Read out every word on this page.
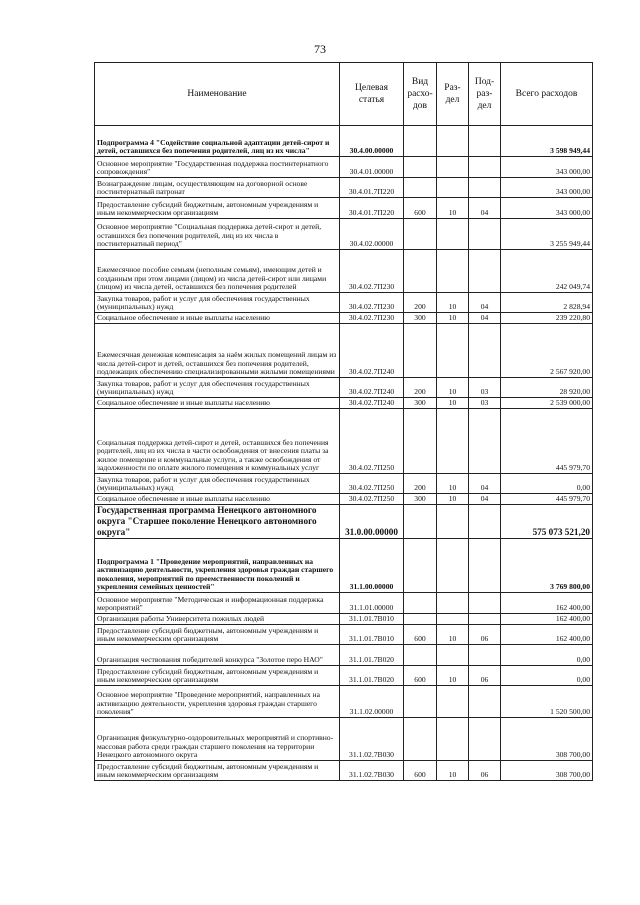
73
Наименование	Целевая статья	Вид расхо-дов	Раз-дел	Под-раз-дел	Всего расходов
Подпрограмма 4 "Содействие социальной адаптации детей-сирот и детей, оставшихся без попечения родителей, лиц из их числа"	30.4.00.00000				3 598 949,44
Основное мероприятие "Государственная поддержка постинтернатного сопровождения"	30.4.01.00000				343 000,00
Вознаграждение лицам, осуществляющим на договорной основе постинтернатный патронат	30.4.01.7П220				343 000,00
Предоставление субсидий бюджетным, автономным учреждениям и иным некоммерческим организациям	30.4.01.7П220	600	10	04	343 000,00
Основное мероприятие "Социальная поддержка детей-сирот и детей, оставшихся без попечения родителей, лиц из их числа в постинтернатный период"	30.4.02.00000				3 255 949,44
Ежемесячное пособие семьям (неполным семьям), имеющим детей и созданным при этом лицами (лицом) из числа детей-сирот или лицами (лицом) из числа детей, оставшихся без попечения родителей	30.4.02.7П230				242 049,74
Закупка товаров, работ и услуг для обеспечения государственных (муниципальных) нужд	30.4.02.7П230	200	10	04	2 828,94
Социальное обеспечение и иные выплаты населению	30.4.02.7П230	300	10	04	239 220,80
Ежемесячная денежная компенсация за наём жилых помещений лицам из числа детей-сирот и детей, оставшихся без попечения родителей, подлежащих обеспечению специализированными жилыми помещениями	30.4.02.7П240				2 567 920,00
Закупка товаров, работ и услуг для обеспечения государственных (муниципальных) нужд	30.4.02.7П240	200	10	03	28 920,00
Социальное обеспечение и иные выплаты населению	30.4.02.7П240	300	10	03	2 539 000,00
Социальная поддержка детей-сирот и детей, оставшихся без попечения родителей, лиц из их числа в части освобождения от внесения платы за жилое помещение и коммунальные услуги, а также освобождения от задолженности по оплате жилого помещения и коммунальных услуг	30.4.02.7П250				445 979,70
Закупка товаров, работ и услуг для обеспечения государственных (муниципальных) нужд	30.4.02.7П250	200	10	04	0,00
Социальное обеспечение и иные выплаты населению	30.4.02.7П250	300	10	04	445 979,70
Государственная программа Ненецкого автономного округа "Старшее поколение Ненецкого автономного округа"	31.0.00.00000				575 073 521,20
Подпрограмма 1 "Проведение мероприятий, направленных на активизацию деятельности, укрепления здоровья граждан старшего поколения, мероприятий по преемственности поколений и укрепления семейных ценностей"	31.1.00.00000				3 769 800,00
Основное мероприятие "Методическая и информационная поддержка мероприятий"	31.1.01.00000				162 400,00
Организация работы Университета пожилых людей	31.1.01.7В010				162 400,00
Предоставление субсидий бюджетным, автономным учреждениям и иным некоммерческим организациям	31.1.01.7В010	600	10	06	162 400,00
Организация чествования победителей конкурса "Золотое перо НАО"	31.1.01.7В020				0,00
Предоставление субсидий бюджетным, автономным учреждениям и иным некоммерческим организациям	31.1.01.7В020	600	10	06	0,00
Основное мероприятие "Проведение мероприятий, направленных на активизацию деятельности, укрепления здоровья граждан старшего поколения"	31.1.02.00000				1 520 500,00
Организация физкультурно-оздоровительных мероприятий и спортивно-массовая работа среди граждан старшего поколения на территории Ненецкого автономного округа	31.1.02.7В030				308 700,00
Предоставление субсидий бюджетным, автономным учреждениям и иным некоммерческим организациям	31.1.02.7В030	600	10	06	308 700,00
